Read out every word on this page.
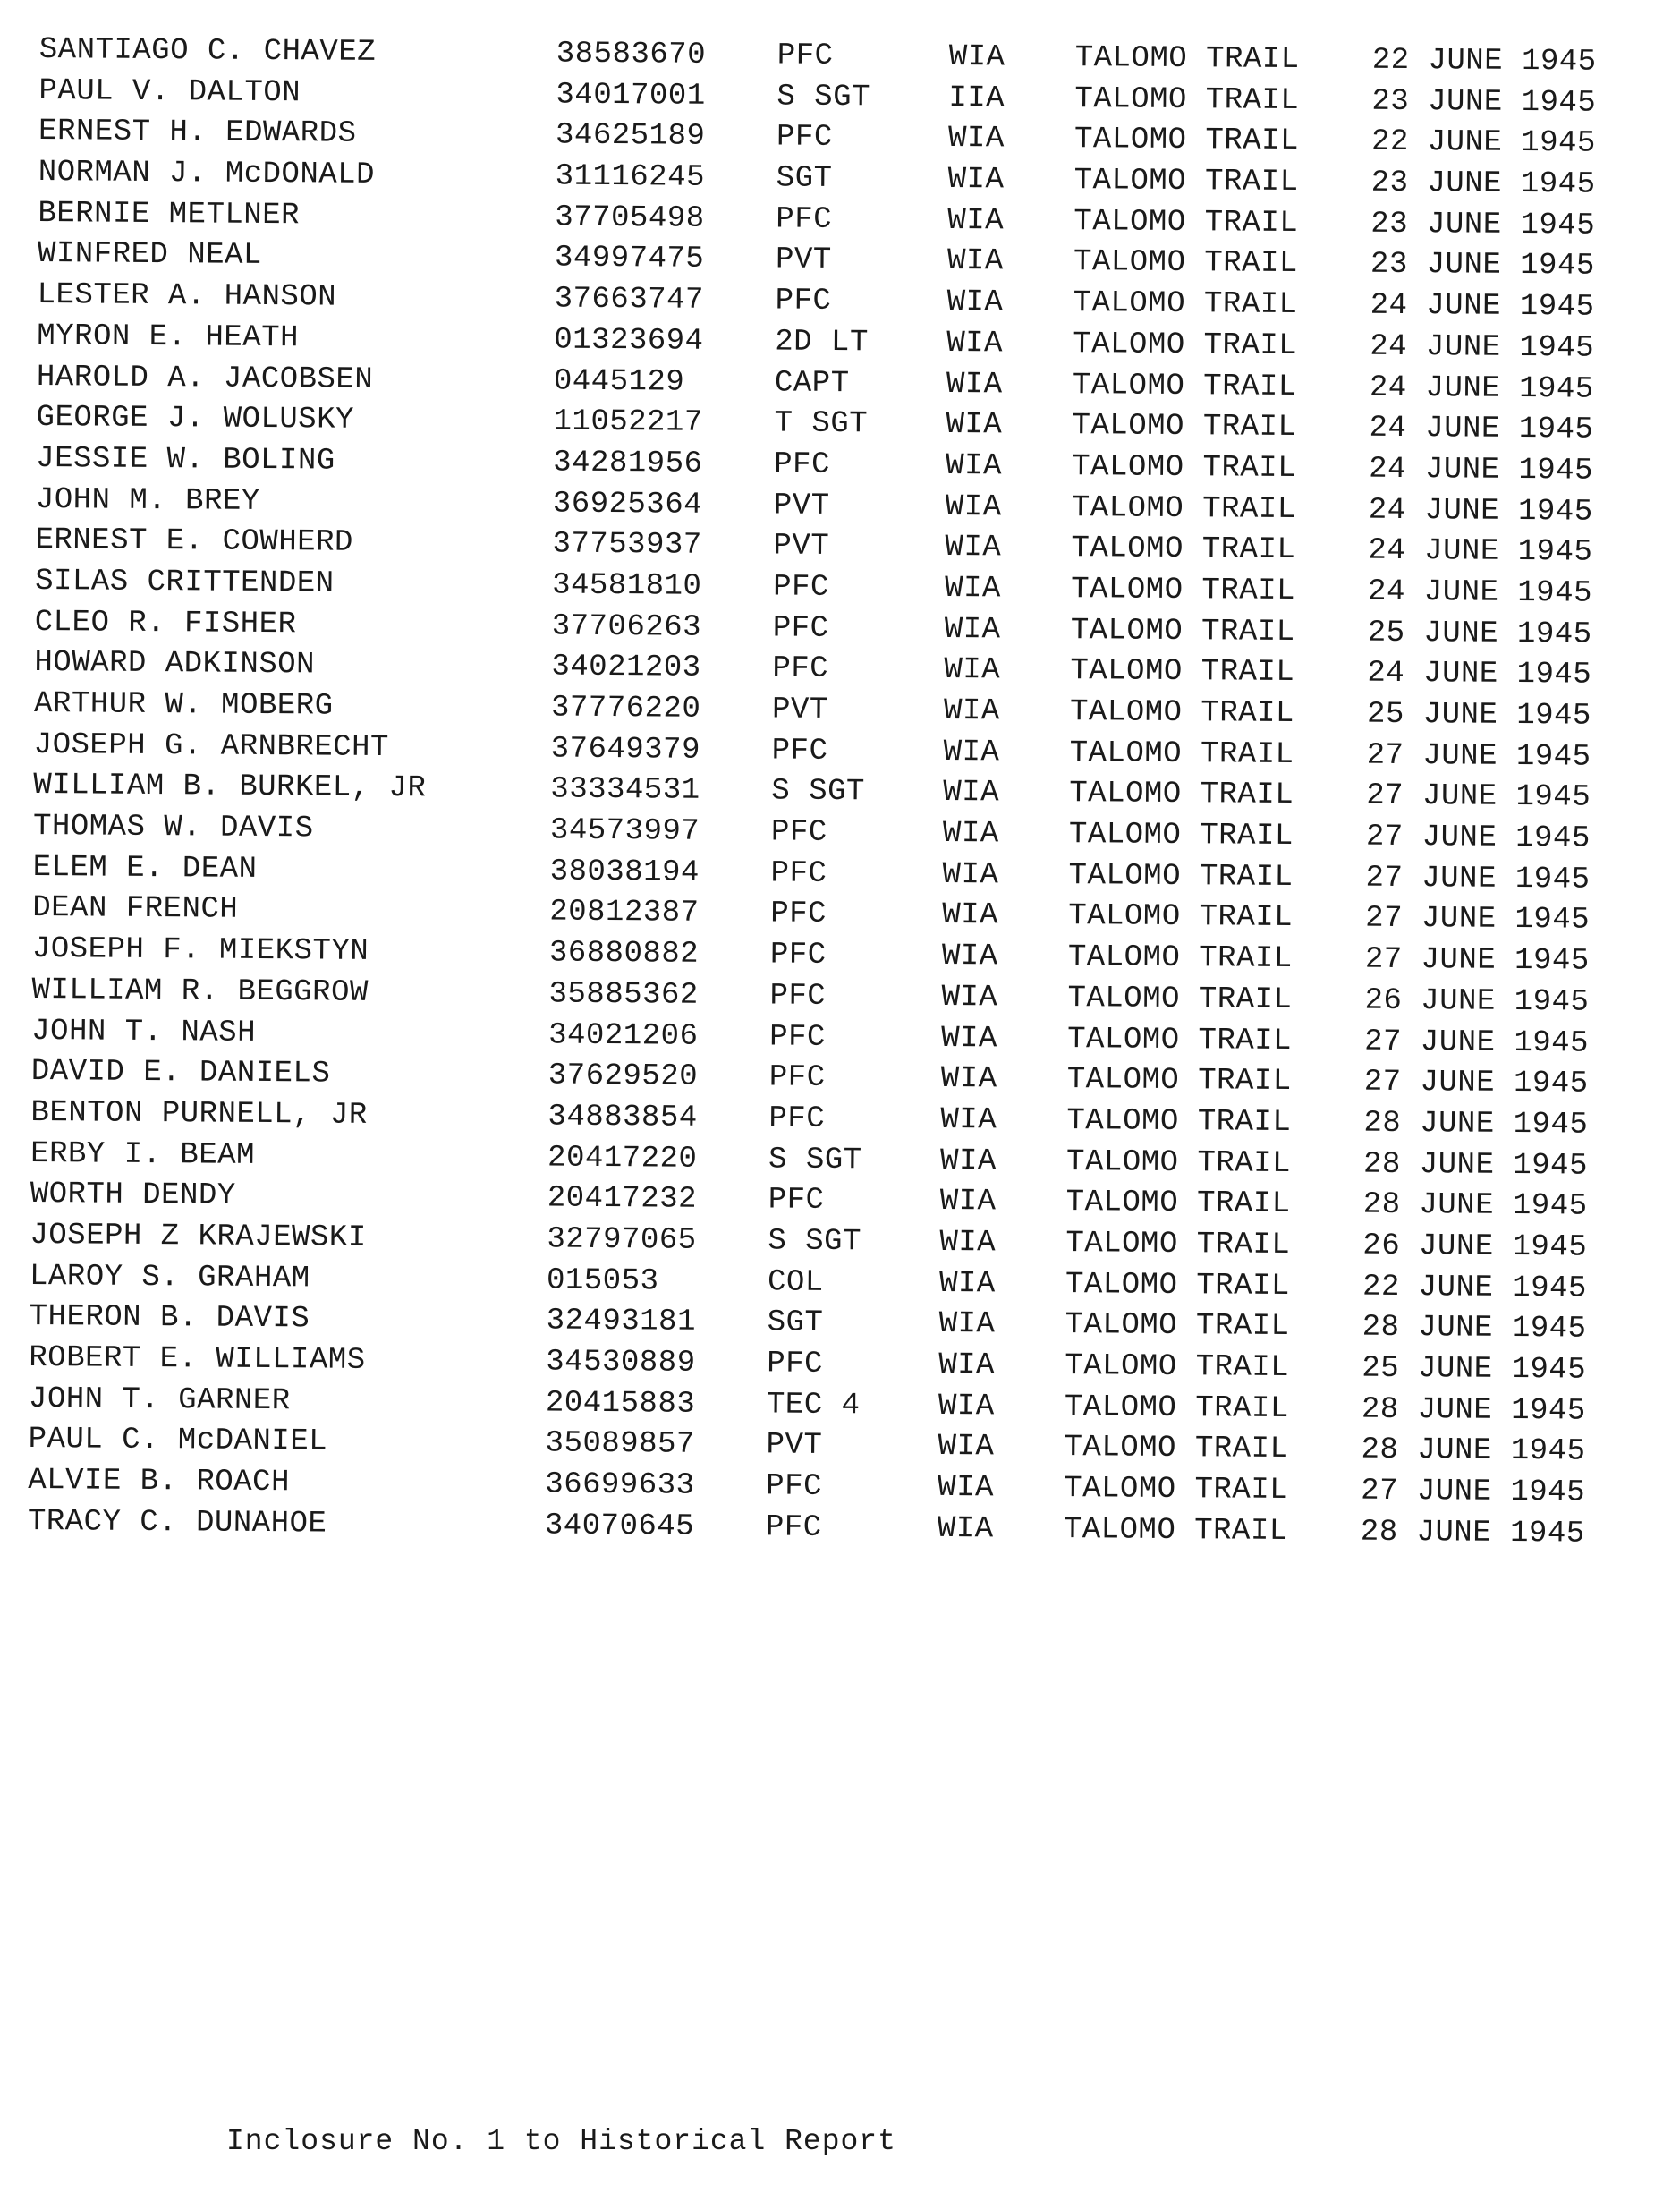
SANTIAGO C. CHAVEZ	38583670 PFC	WIA TALOMO TRAIL 22 JUNE 1945
PAUL V. DALTON	34017001 S SGT	IIA TALOMO TRAIL 23 JUNE 1945
ERNEST H. EDWARDS	34625189 PFC	WIA TALOMO TRAIL 22 JUNE 1945
NORMAN J. McDONALD	31116245 SGT	WIA TALOMO TRAIL 23 JUNE 1945
BERNIE METLNER	37705498 PFC	WIA TALOMO TRAIL 23 JUNE 1945
WINFRED NEAL	34997475 PVT	WIA TALOMO TRAIL 23 JUNE 1945
LESTER A. HANSON	37663747 PFC	WIA TALOMO TRAIL 24 JUNE 1945
MYRON E. HEATH	01323694 2D LT	WIA TALOMO TRAIL 24 JUNE 1945
HAROLD A. JACOBSEN	0445129	CAPT	WIA TALOMO TRAIL 24 JUNE 1945
GEORGE J. WOLUSKY	11052217 T SGT	WIA TALOMO TRAIL 24 JUNE 1945
JESSIE W. BOLING	34281956 PFC	WIA TALOMO TRAIL 24 JUNE 1945
JOHN M. BREY	36925364 PVT	WIA TALOMO TRAIL 24 JUNE 1945
ERNEST E. COWHERD	37753937 PVT	WIA TALOMO TRAIL 24 JUNE 1945
SILAS CRITTENDEN	34581810 PFC	WIA TALOMO TRAIL 24 JUNE 1945
CLEO R. FISHER	37706263 PFC	WIA TALOMO TRAIL 25 JUNE 1945
HOWARD ADKINSON	34021203 PFC	WIA TALOMO TRAIL 24 JUNE 1945
ARTHUR W. MOBERG	37776220 PVT	WIA TALOMO TRAIL 25 JUNE 1945
JOSEPH G. ARNBRECHT	37649379 PFC	WIA TALOMO TRAIL 27 JUNE 1945
WILLIAM B. BURKEL, JR	33334531 S SGT	WIA TALOMO TRAIL 27 JUNE 1945
THOMAS W. DAVIS	34573997 PFC	WIA TALOMO TRAIL 27 JUNE 1945
ELEM E. DEAN	38038194 PFC	WIA TALOMO TRAIL 27 JUNE 1945
DEAN FRENCH	20812387 PFC	WIA TALOMO TRAIL 27 JUNE 1945
JOSEPH F. MIEKSTYN	36880882 PFC	WIA TALOMO TRAIL 27 JUNE 1945
WILLIAM R. BEGGROW	35885362 PFC	WIA TALOMO TRAIL 26 JUNE 1945
JOHN T. NASH	34021206 PFC	WIA TALOMO TRAIL 27 JUNE 1945
DAVID E. DANIELS	37629520 PFC	WIA TALOMO TRAIL 27 JUNE 1945
BENTON PURNELL, JR	34883854 PFC	WIA TALOMO TRAIL 28 JUNE 1945
ERBY I. BEAM	20417220 S SGT	WIA TALOMO TRAIL 28 JUNE 1945
WORTH DENDY	20417232 PFC	WIA TALOMO TRAIL 28 JUNE 1945
JOSEPH Z KRAJEWSKI	32797065 S SGT	WIA TALOMO TRAIL 26 JUNE 1945
LAROY S. GRAHAM	015053	COL	WIA TALOMO TRAIL 22 JUNE 1945
THERON B. DAVIS	32493181 SGT	WIA TALOMO TRAIL 28 JUNE 1945
ROBERT E. WILLIAMS	34530889 PFC	WIA TALOMO TRAIL 25 JUNE 1945
JOHN T. GARNER	20415883 TEC 4	WIA TALOMO TRAIL 28 JUNE 1945
PAUL C. McDANIEL	35089857 PVT	WIA TALOMO TRAIL 28 JUNE 1945
ALVIE B. ROACH	36699633 PFC	WIA TALOMO TRAIL 27 JUNE 1945
TRACY C. DUNAHOE	34070645 PFC	WIA TALOMO TRAIL 28 JUNE 1945
Inclosure No. 1 to Historical Report
